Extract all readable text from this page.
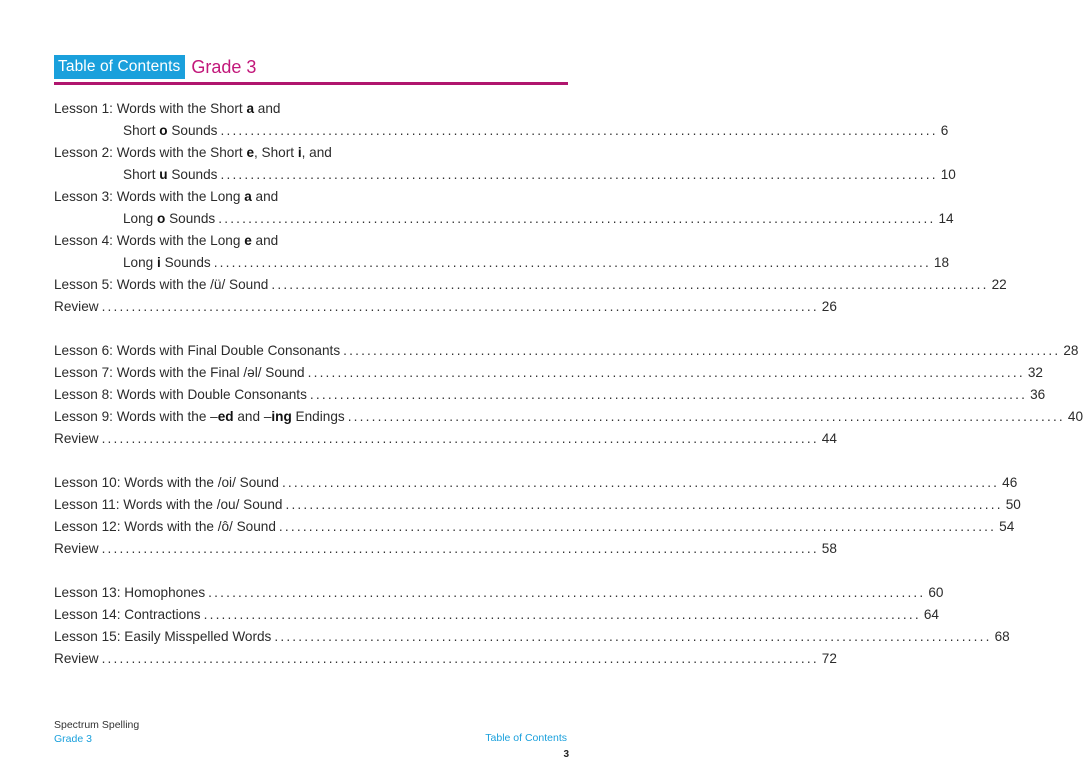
Table of Contents Grade 3
Lesson 1: Words with the Short a and
Short o Sounds ........................................................................................................................ 6
Lesson 2: Words with the Short e, Short i, and
Short u Sounds ........................................................................................................................ 10
Lesson 3: Words with the Long a and
Long o Sounds ........................................................................................................................ 14
Lesson 4: Words with the Long e and
Long i Sounds ........................................................................................................................ 18
Lesson 5: Words with the /ü/ Sound ........................................................................................................................ 22
Review ........................................................................................................................ 26
Lesson 6: Words with Final Double Consonants ........................................................................................................................ 28
Lesson 7: Words with the Final /əl/ Sound ........................................................................................................................ 32
Lesson 8: Words with Double Consonants ........................................................................................................................ 36
Lesson 9: Words with the –ed and –ing Endings ........................................................................................................................ 40
Review ........................................................................................................................ 44
Lesson 10: Words with the /oi/ Sound ........................................................................................................................ 46
Lesson 11: Words with the /ou/ Sound ........................................................................................................................ 50
Lesson 12: Words with the /ô/ Sound ........................................................................................................................ 54
Review ........................................................................................................................ 58
Lesson 13: Homophones ........................................................................................................................ 60
Lesson 14: Contractions ........................................................................................................................ 64
Lesson 15: Easily Misspelled Words ........................................................................................................................ 68
Review ........................................................................................................................ 72
Spectrum Spelling
Grade 3	Table of Contents
3
